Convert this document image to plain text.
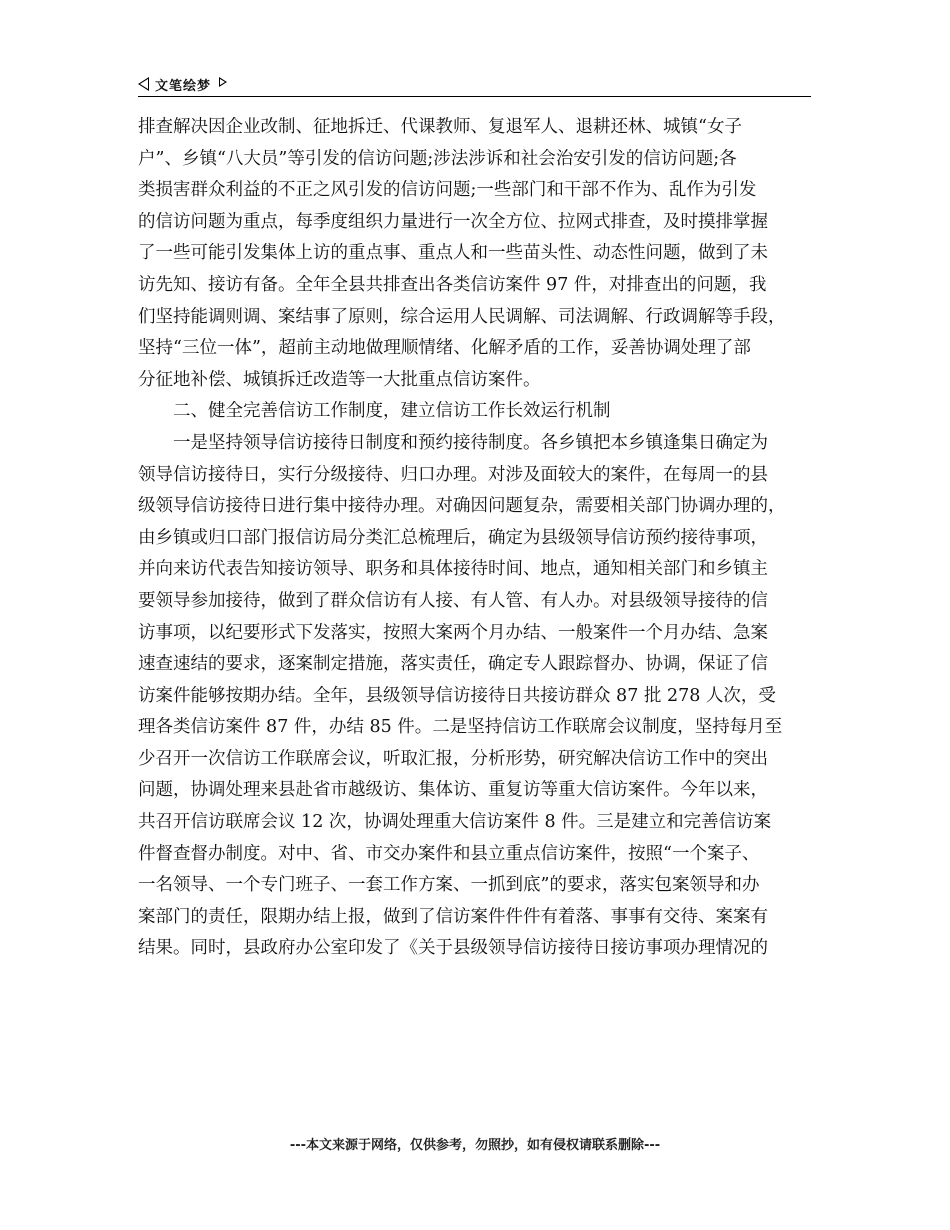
文笔绘梦
排查解决因企业改制、征地拆迁、代课教师、复退军人、退耕还林、城镇“女子
户”、乡镇“八大员”等引发的信访问题;涉法涉诉和社会治安引发的信访问题;各
类损害群众利益的不正之风引发的信访问题;一些部门和干部不作为、乱作为引发
的信访问题为重点，每季度组织力量进行一次全方位、拉网式排查，及时摸排掌握
了一些可能引发集体上访的重点事、重点人和一些苗头性、动态性问题，做到了未
访先知、接访有备。全年全县共排查出各类信访案件 97 件，对排查出的问题，我
们坚持能调则调、案结事了原则，综合运用人民调解、司法调解、行政调解等手段，
坚持“三位一体”，超前主动地做理顺情绪、化解矛盾的工作，妥善协调处理了部
分征地补偿、城镇拆迁改造等一大批重点信访案件。
二、健全完善信访工作制度，建立信访工作长效运行机制
一是坚持领导信访接待日制度和预约接待制度。各乡镇把本乡镇逢集日确定为
领导信访接待日，实行分级接待、归口办理。对涉及面较大的案件，在每周一的县
级领导信访接待日进行集中接待办理。对确因问题复杂，需要相关部门协调办理的，
由乡镇或归口部门报信访局分类汇总梳理后，确定为县级领导信访预约接待事项，
并向来访代表告知接访领导、职务和具体接待时间、地点，通知相关部门和乡镇主
要领导参加接待，做到了群众信访有人接、有人管、有人办。对县级领导接待的信
访事项，以纪要形式下发落实，按照大案两个月办结、一般案件一个月办结、急案
速查速结的要求，逐案制定措施，落实责任，确定专人跟踪督办、协调，保证了信
访案件能够按期办结。全年，县级领导信访接待日共接访群众 87 批 278 人次，受
理各类信访案件 87 件，办结 85 件。二是坚持信访工作联席会议制度，坚持每月至
少召开一次信访工作联席会议，听取汇报，分析形势，研究解决信访工作中的突出
问题，协调处理来县赴省市越级访、集体访、重复访等重大信访案件。今年以来，
共召开信访联席会议 12 次，协调处理重大信访案件 8 件。三是建立和完善信访案
件督查督办制度。对中、省、市交办案件和县立重点信访案件，按照“一个案子、
一名领导、一个专门班子、一套工作方案、一抓到底”的要求，落实包案领导和办
案部门的责任，限期办结上报，做到了信访案件件件有着落、事事有交待、案案有
结果。同时，县政府办公室印发了《关于县级领导信访接待日接访事项办理情况的
---本文来源于网络，仅供参考，勿照抄，如有侵权请联系删除---
